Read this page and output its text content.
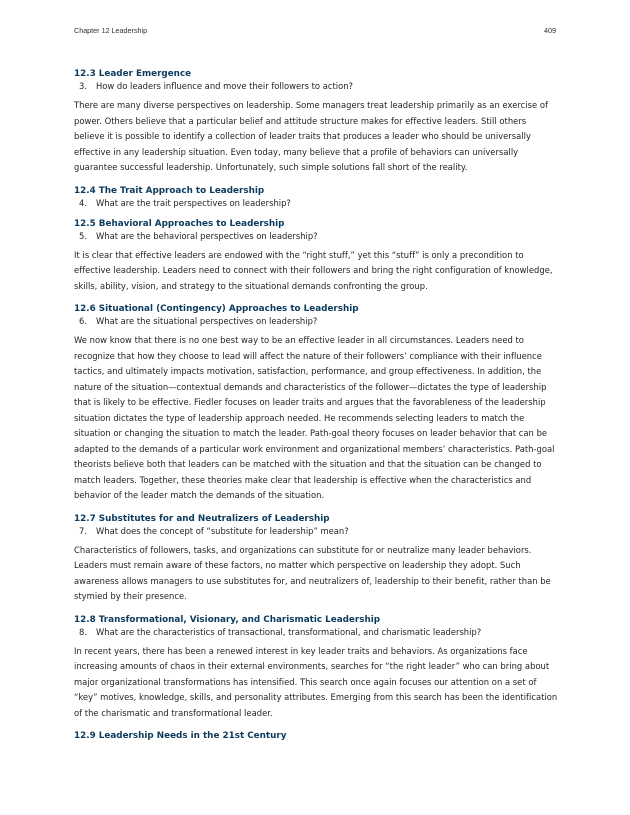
Chapter 12 Leadership	409
12.3 Leader Emergence
3.	How do leaders influence and move their followers to action?

There are many diverse perspectives on leadership. Some managers treat leadership primarily as an exercise of power. Others believe that a particular belief and attitude structure makes for effective leaders. Still others believe it is possible to identify a collection of leader traits that produces a leader who should be universally effective in any leadership situation. Even today, many believe that a profile of behaviors can universally guarantee successful leadership. Unfortunately, such simple solutions fall short of the reality.

12.4 The Trait Approach to Leadership
4.	What are the trait perspectives on leadership?
12.5 Behavioral Approaches to Leadership
5.	What are the behavioral perspectives on leadership?

It is clear that effective leaders are endowed with the “right stuff,” yet this “stuff” is only a precondition to effective leadership. Leaders need to connect with their followers and bring the right configuration of knowledge, skills, ability, vision, and strategy to the situational demands confronting the group.

12.6 Situational (Contingency) Approaches to Leadership
6.	What are the situational perspectives on leadership?

We now know that there is no one best way to be an effective leader in all circumstances. Leaders need to recognize that how they choose to lead will affect the nature of their followers’ compliance with their influence tactics, and ultimately impacts motivation, satisfaction, performance, and group effectiveness. In addition, the nature of the situation—contextual demands and characteristics of the follower—dictates the type of leadership that is likely to be effective. Fiedler focuses on leader traits and argues that the favorableness of the leadership situation dictates the type of leadership approach needed. He recommends selecting leaders to match the situation or changing the situation to match the leader. Path-goal theory focuses on leader behavior that can be adapted to the demands of a particular work environment and organizational members’ characteristics. Path-goal theorists believe both that leaders can be matched with the situation and that the situation can be changed to match leaders. Together, these theories make clear that leadership is effective when the characteristics and behavior of the leader match the demands of the situation.

12.7 Substitutes for and Neutralizers of Leadership
7.	What does the concept of “substitute for leadership” mean?

Characteristics of followers, tasks, and organizations can substitute for or neutralize many leader behaviors. Leaders must remain aware of these factors, no matter which perspective on leadership they adopt. Such awareness allows managers to use substitutes for, and neutralizers of, leadership to their benefit, rather than be stymied by their presence.

12.8 Transformational, Visionary, and Charismatic Leadership
8.	What are the characteristics of transactional, transformational, and charismatic leadership?

In recent years, there has been a renewed interest in key leader traits and behaviors. As organizations face increasing amounts of chaos in their external environments, searches for “the right leader” who can bring about major organizational transformations has intensified. This search once again focuses our attention on a set of “key” motives, knowledge, skills, and personality attributes. Emerging from this search has been the identification of the charismatic and transformational leader.

12.9 Leadership Needs in the 21st Century
